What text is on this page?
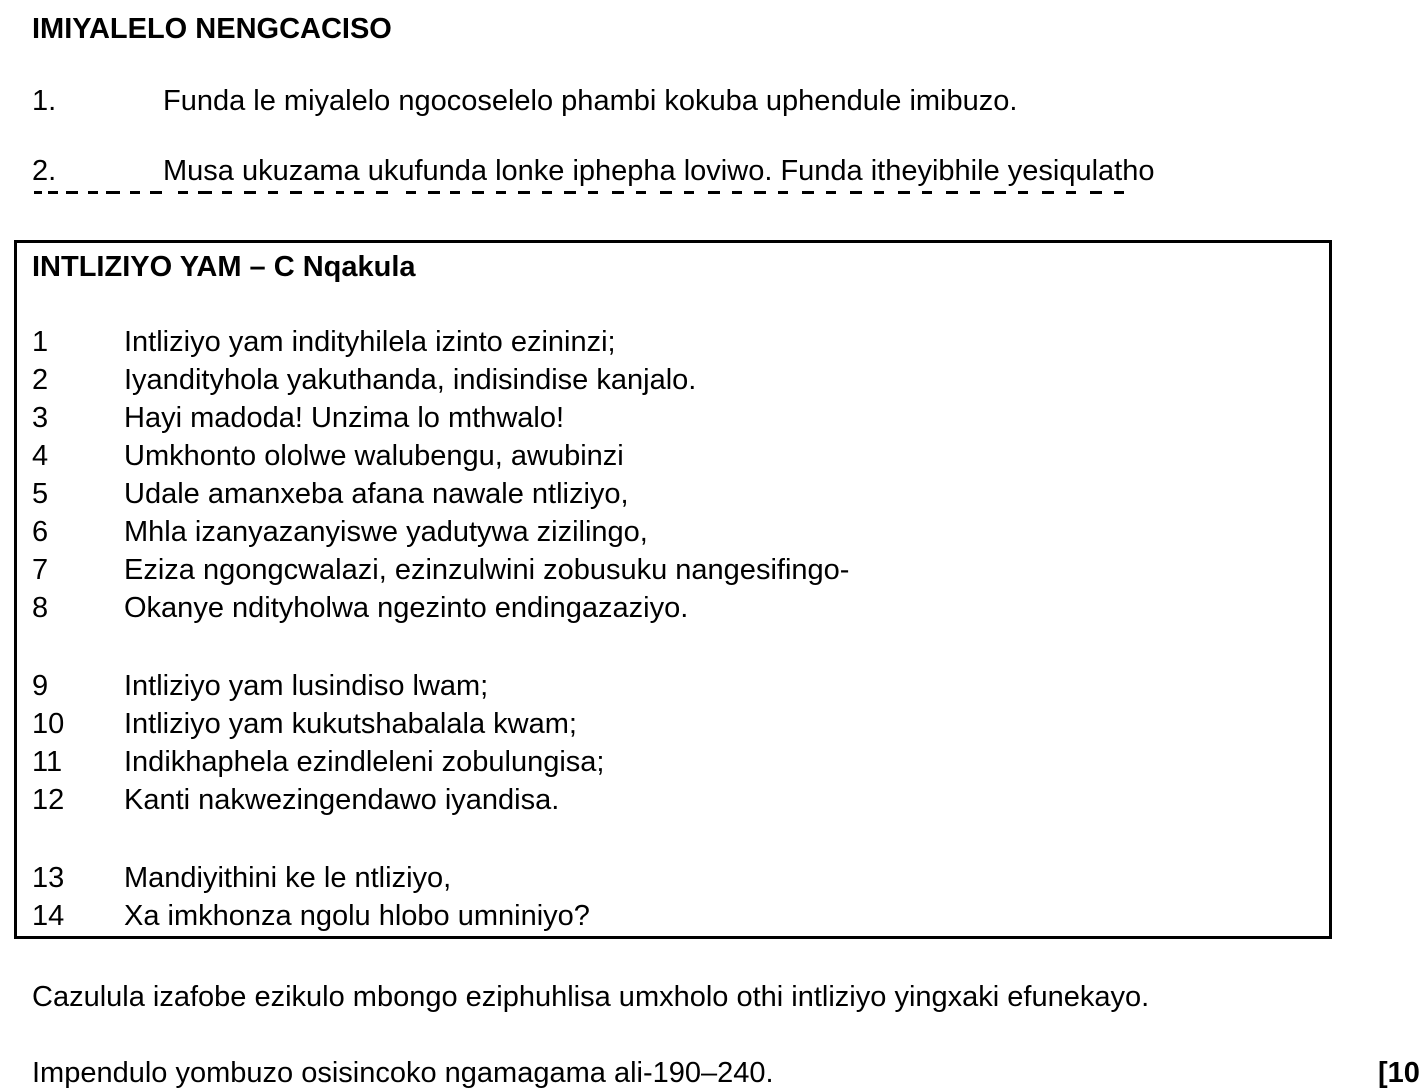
IMIYALELO NENGCACISO
1.	Funda le miyalelo ngocoselelo phambi kokuba uphendule imibuzo.
2.	Musa ukuzama ukufunda lonke iphepha loviwo. Funda itheyibhile yesiqulatho
INTLIZIYO YAM – C Nqakula
1	Intliziyo yam indityhilela izinto ezininzi;
2	Iyandityhola yakuthanda, indisindise kanjalo.
3	Hayi madoda! Unzima lo mthwalo!
4	Umkhonto ololwe walubengu, awubinzi
5	Udale amanxeba afana nawale ntliziyo,
6	Mhla izanyazanyiswe yadutywa zizilingo,
7	Eziza ngongcwalazi, ezinzulwini zobusuku nangesifingo-
8	Okanye ndityholwa ngezinto endingazaziyo.
9	Intliziyo yam lusindiso lwam;
10 Intliziyo yam kukutshabalala kwam;
11 Indikhaphela ezindleleni zobulungisa;
12 Kanti nakwezingendawo iyandisa.
13 Mandiyithini ke le ntliziyo,
14 Xa imkhonza ngolu hlobo umniniyo?
Cazulula izafobe ezikulo mbongo eziphuhlisa umxholo othi intliziyo yingxaki efunekayo.
Impendulo yombuzo osisincoko ngamagama ali-190–240.	[10
